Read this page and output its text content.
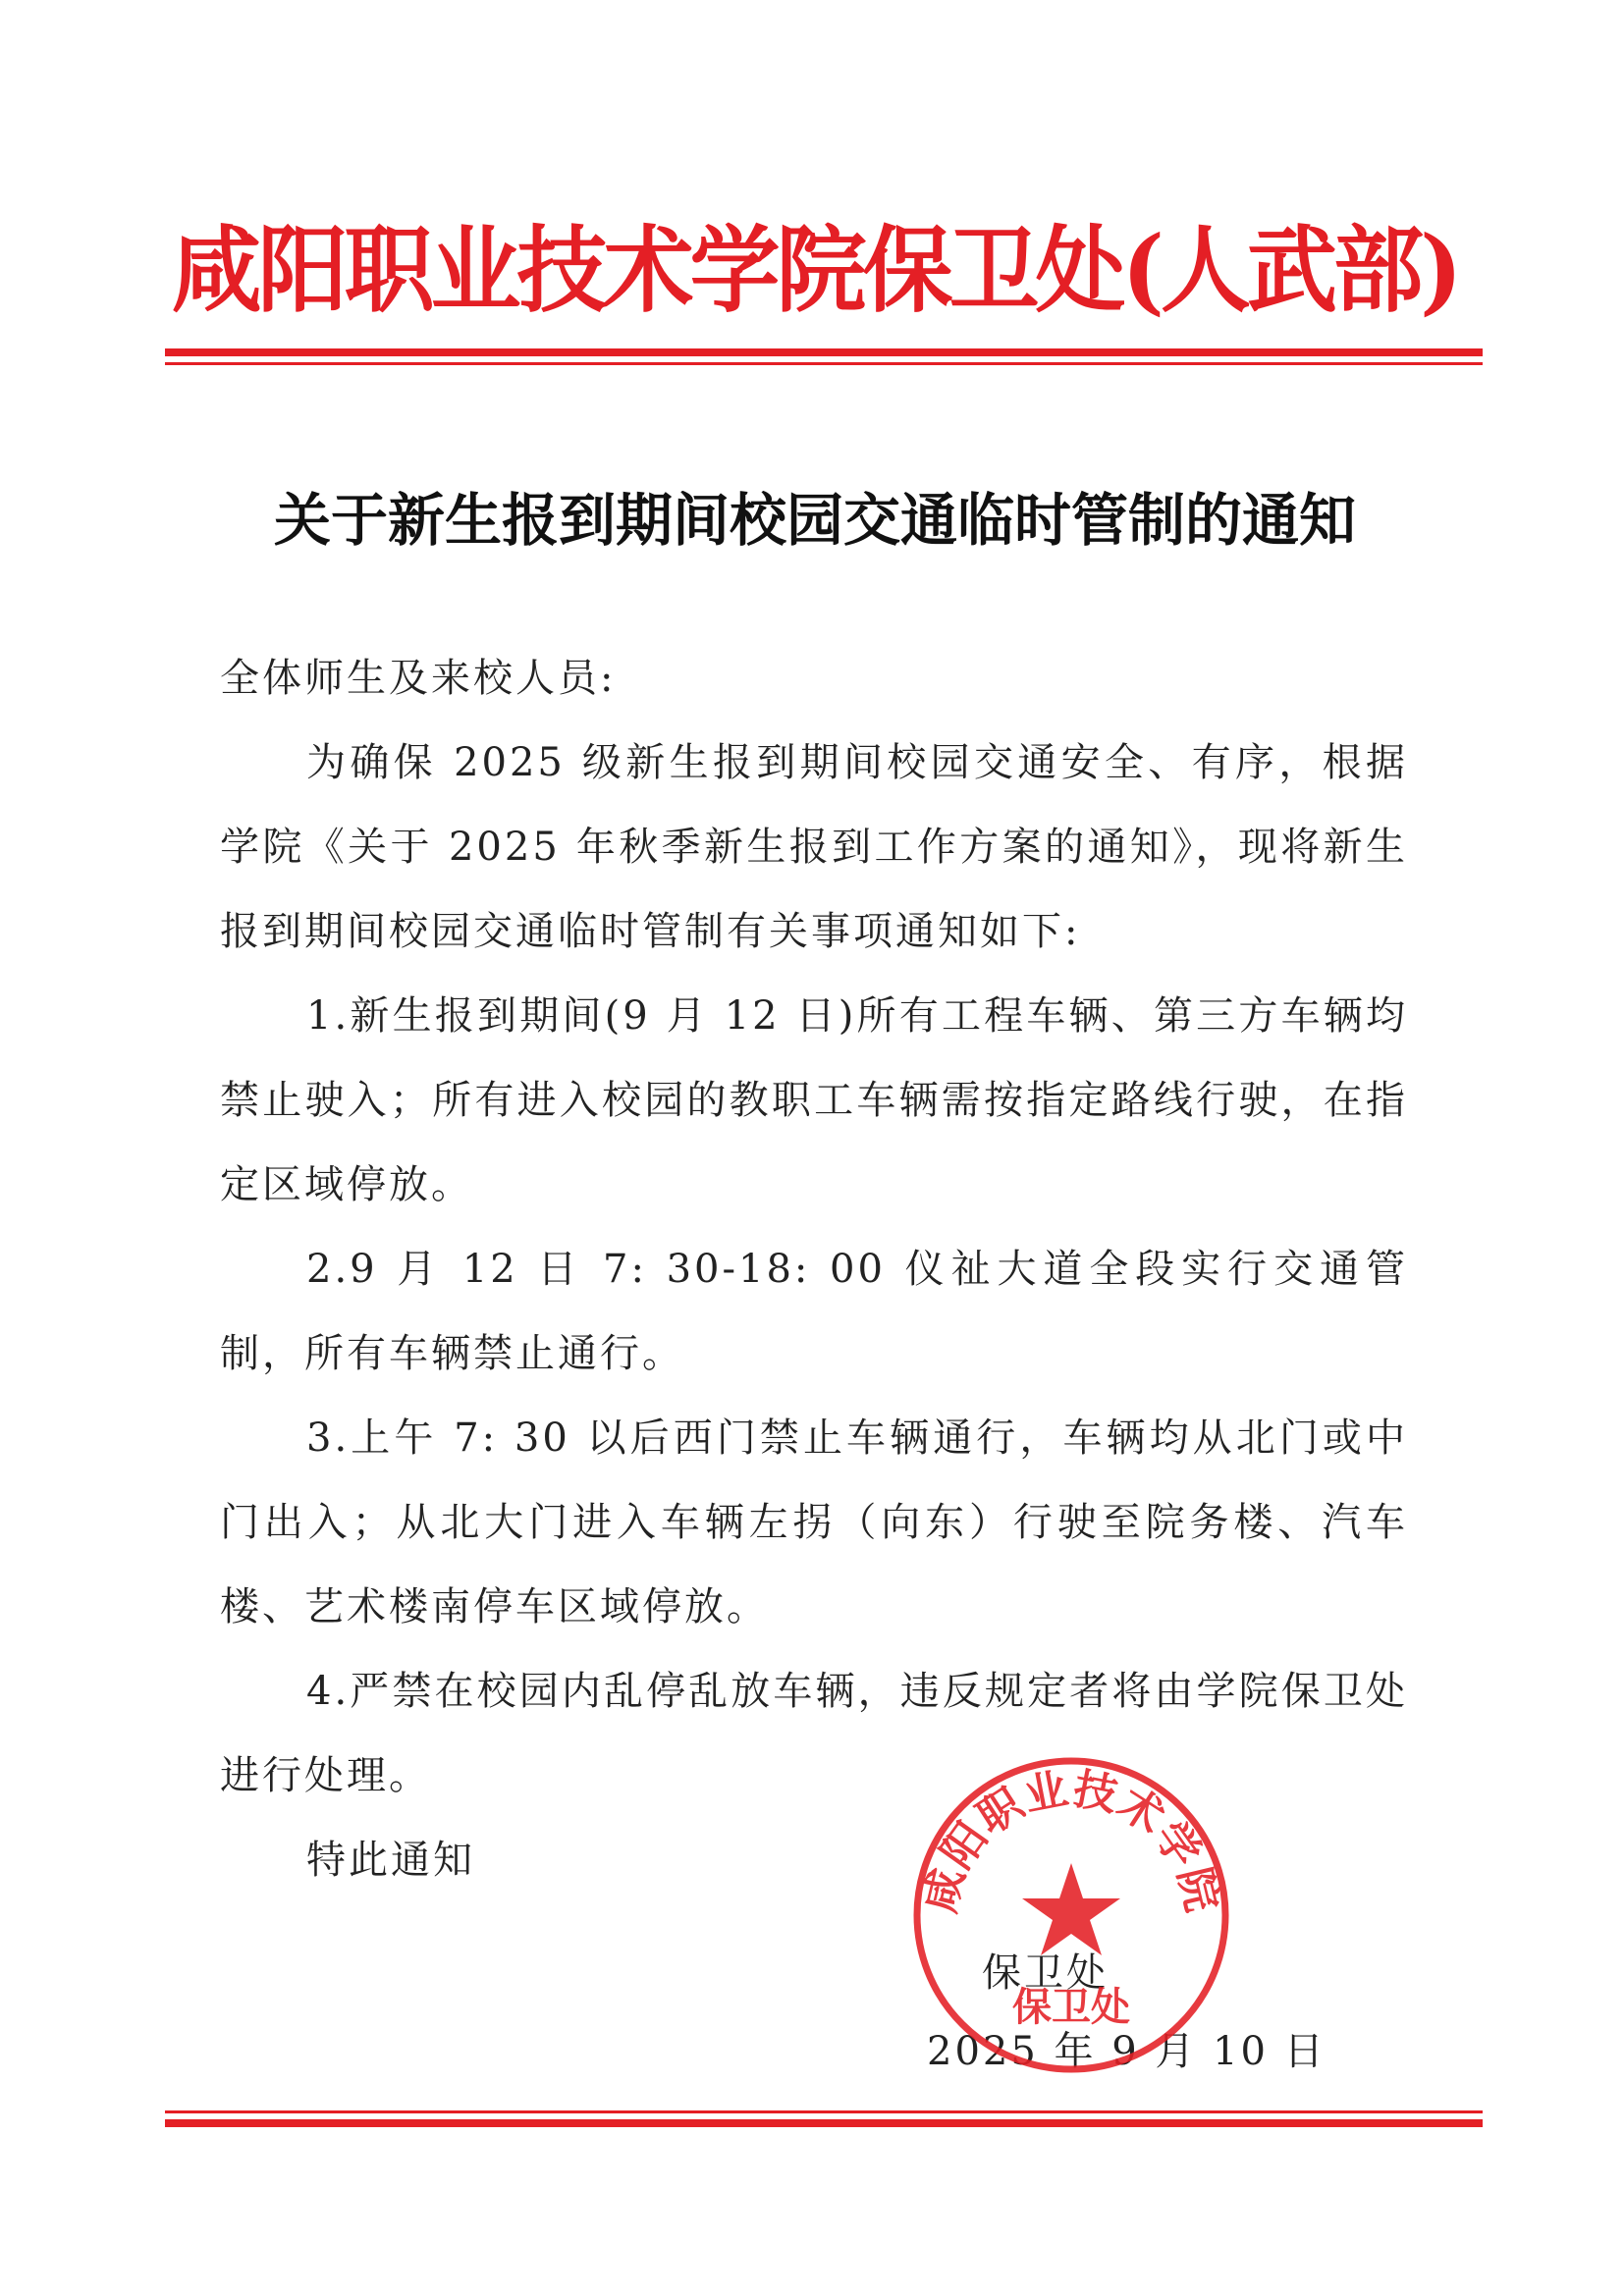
咸阳职业技术学院保卫处(人武部)
关于新生报到期间校园交通临时管制的通知

全体师生及来校人员:

为确保 2025 级新生报到期间校园交通安全、有序，根据学院《关于 2025 年秋季新生报到工作方案的通知》，现将新生报到期间校园交通临时管制有关事项通知如下:

1.新生报到期间(9 月 12 日)所有工程车辆、第三方车辆均禁止驶入；所有进入校园的教职工车辆需按指定路线行驶，在指定区域停放。

2.9 月 12 日 7: 30-18: 00 仪祉大道全段实行交通管制，所有车辆禁止通行。

3.上午 7: 30 以后西门禁止车辆通行，车辆均从北门或中门出入；从北大门进入车辆左拐（向东）行驶至院务楼、汽车楼、艺术楼南停车区域停放。

4.严禁在校园内乱停乱放车辆，违反规定者将由学院保卫处进行处理。

特此通知

保卫处
2025 年 9 月 10 日
咸阳职业技术学院
保卫处
